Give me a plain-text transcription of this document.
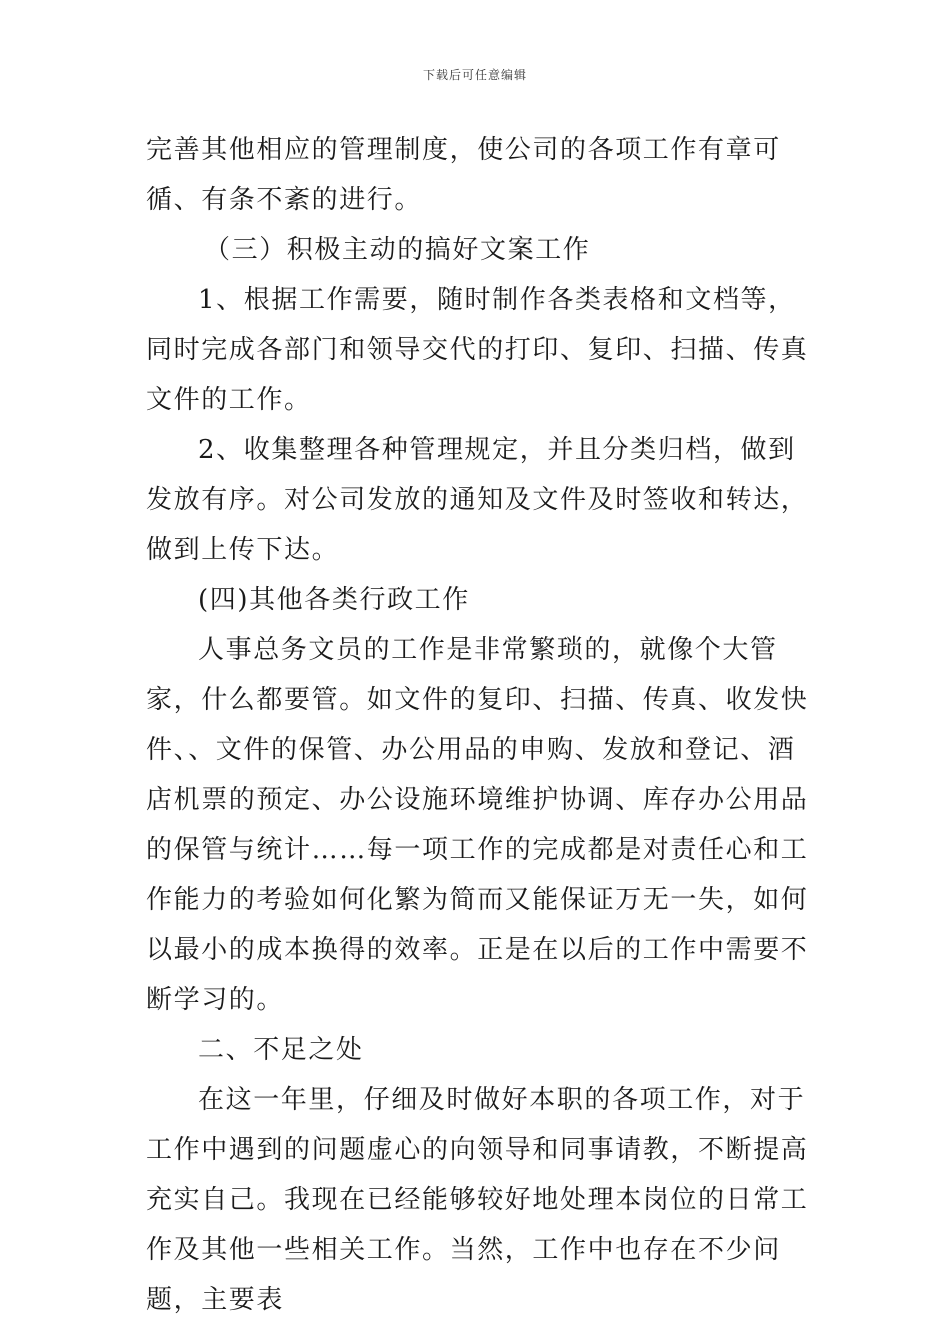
下载后可任意编辑

完善其他相应的管理制度，使公司的各项工作有章可循、有条不紊的进行。

（三）积极主动的搞好文案工作

1、根据工作需要，随时制作各类表格和文档等，同时完成各部门和领导交代的打印、复印、扫描、传真文件的工作。

2、收集整理各种管理规定，并且分类归档，做到发放有序。对公司发放的通知及文件及时签收和转达，做到上传下达。

(四)其他各类行政工作

人事总务文员的工作是非常繁琐的，就像个大管家，什么都要管。如文件的复印、扫描、传真、收发快件、、文件的保管、办公用品的申购、发放和登记、酒店机票的预定、办公设施环境维护协调、库存办公用品的保管与统计……每一项工作的完成都是对责任心和工作能力的考验如何化繁为简而又能保证万无一失，如何以最小的成本换得的效率。正是在以后的工作中需要不断学习的。

二、不足之处

在这一年里，仔细及时做好本职的各项工作，对于工作中遇到的问题虚心的向领导和同事请教，不断提高充实自己。我现在已经能够较好地处理本岗位的日常工作及其他一些相关工作。当然，工作中也存在不少问题，主要表
